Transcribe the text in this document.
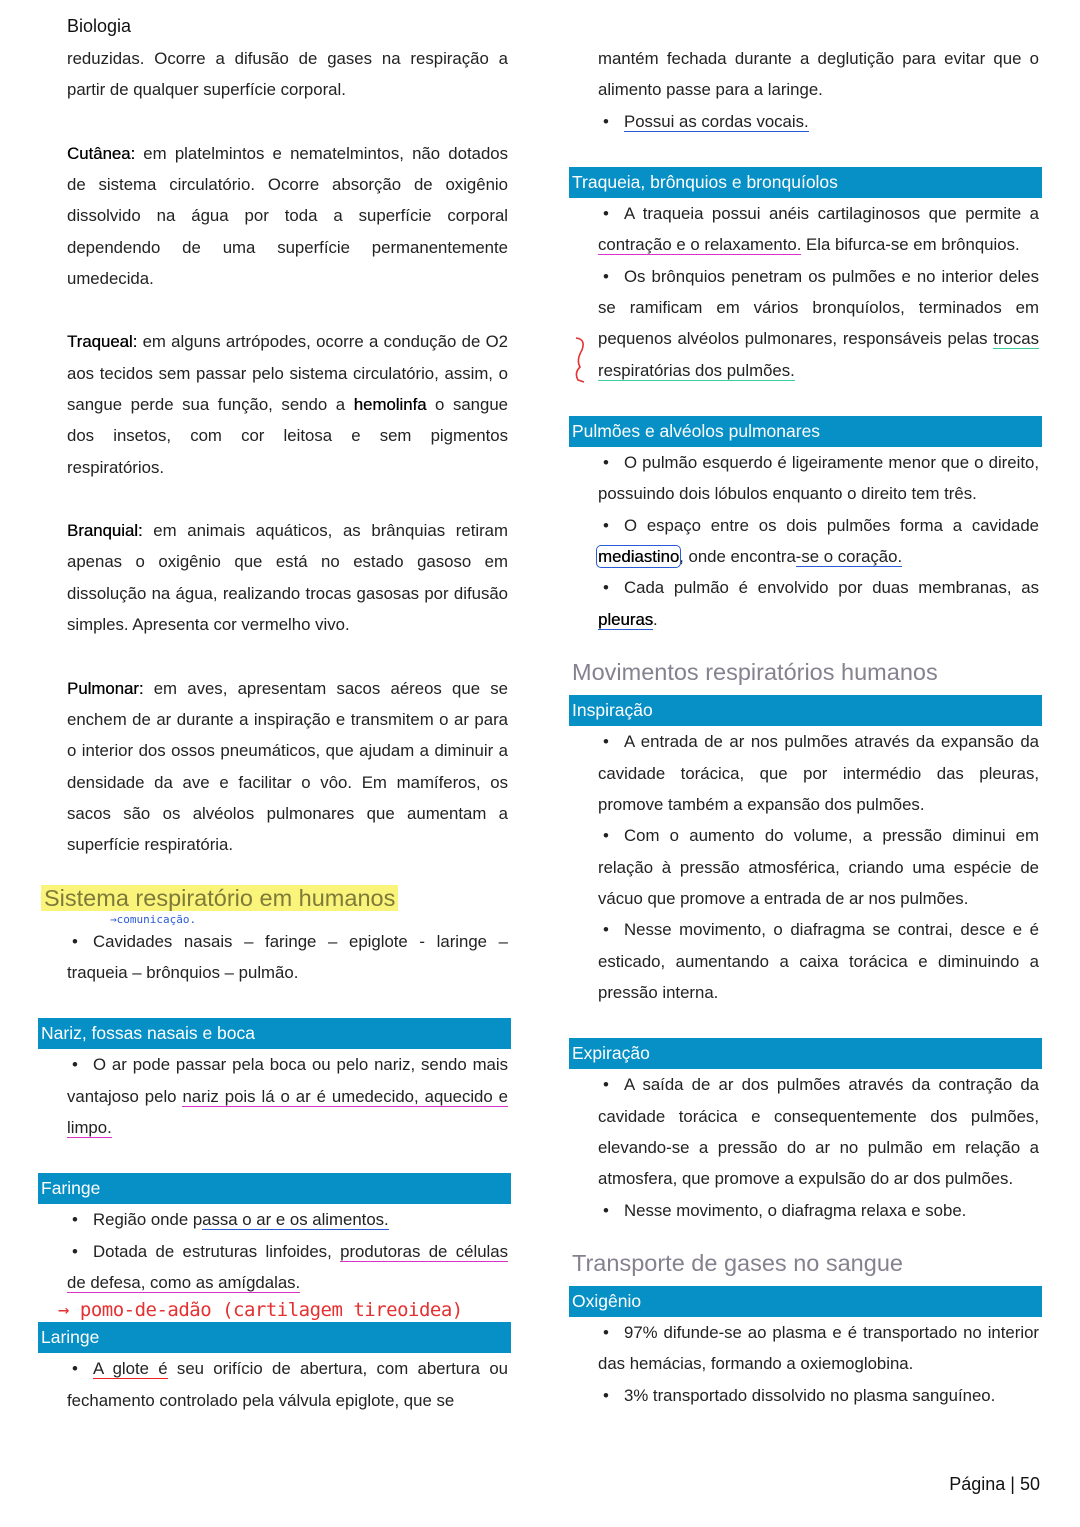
Biologia
reduzidas. Ocorre a difusão de gases na respiração a partir de qualquer superfície corporal.
Cutânea: em platelmintos e nematelmintos, não dotados de sistema circulatório. Ocorre absorção de oxigênio dissolvido na água por toda a superfície corporal dependendo de uma superfície permanentemente umedecida.
Traqueal: em alguns artrópodes, ocorre a condução de O2 aos tecidos sem passar pelo sistema circulatório, assim, o sangue perde sua função, sendo a hemolinfa o sangue dos insetos, com cor leitosa e sem pigmentos respiratórios.
Branquial: em animais aquáticos, as brânquias retiram apenas o oxigênio que está no estado gasoso em dissolução na água, realizando trocas gasosas por difusão simples. Apresenta cor vermelho vivo.
Pulmonar: em aves, apresentam sacos aéreos que se enchem de ar durante a inspiração e transmitem o ar para o interior dos ossos pneumáticos, que ajudam a diminuir a densidade da ave e facilitar o vôo. Em mamíferos, os sacos são os alvéolos pulmonares que aumentam a superfície respiratória.
Sistema respiratório em humanos
→comunicação.
• Cavidades nasais – faringe – epiglote - laringe – traqueia – brônquios – pulmão.
Nariz, fossas nasais e boca
• O ar pode passar pela boca ou pelo nariz, sendo mais vantajoso pelo nariz pois lá o ar é umedecido, aquecido e limpo.
Faringe
• Região onde passa o ar e os alimentos.
• Dotada de estruturas linfoides, produtoras de células de defesa, como as amígdalas.
→ pomo-de-adão (cartilagem tireoidea)
Laringe
• A glote é seu orifício de abertura, com abertura ou fechamento controlado pela válvula epiglote, que se
mantém fechada durante a deglutição para evitar que o alimento passe para a laringe.
• Possui as cordas vocais.
Traqueia, brônquios e bronquíolos
• A traqueia possui anéis cartilaginosos que permite a contração e o relaxamento. Ela bifurca-se em brônquios.
• Os brônquios penetram os pulmões e no interior deles se ramificam em vários bronquíolos, terminados em pequenos alvéolos pulmonares, responsáveis pelas trocas respiratórias dos pulmões.
Pulmões e alvéolos pulmonares
• O pulmão esquerdo é ligeiramente menor que o direito, possuindo dois lóbulos enquanto o direito tem três.
• O espaço entre os dois pulmões forma a cavidade mediastino, onde encontra-se o coração.
• Cada pulmão é envolvido por duas membranas, as pleuras.
Movimentos respiratórios humanos
Inspiração
• A entrada de ar nos pulmões através da expansão da cavidade torácica, que por intermédio das pleuras, promove também a expansão dos pulmões.
• Com o aumento do volume, a pressão diminui em relação à pressão atmosférica, criando uma espécie de vácuo que promove a entrada de ar nos pulmões.
• Nesse movimento, o diafragma se contrai, desce e é esticado, aumentando a caixa torácica e diminuindo a pressão interna.
Expiração
• A saída de ar dos pulmões através da contração da cavidade torácica e consequentemente dos pulmões, elevando-se a pressão do ar no pulmão em relação a atmosfera, que promove a expulsão do ar dos pulmões.
• Nesse movimento, o diafragma relaxa e sobe.
Transporte de gases no sangue
Oxigênio
• 97% difunde-se ao plasma e é transportado no interior das hemácias, formando a oxiemoglobina.
• 3% transportado dissolvido no plasma sanguíneo.
Página | 50
